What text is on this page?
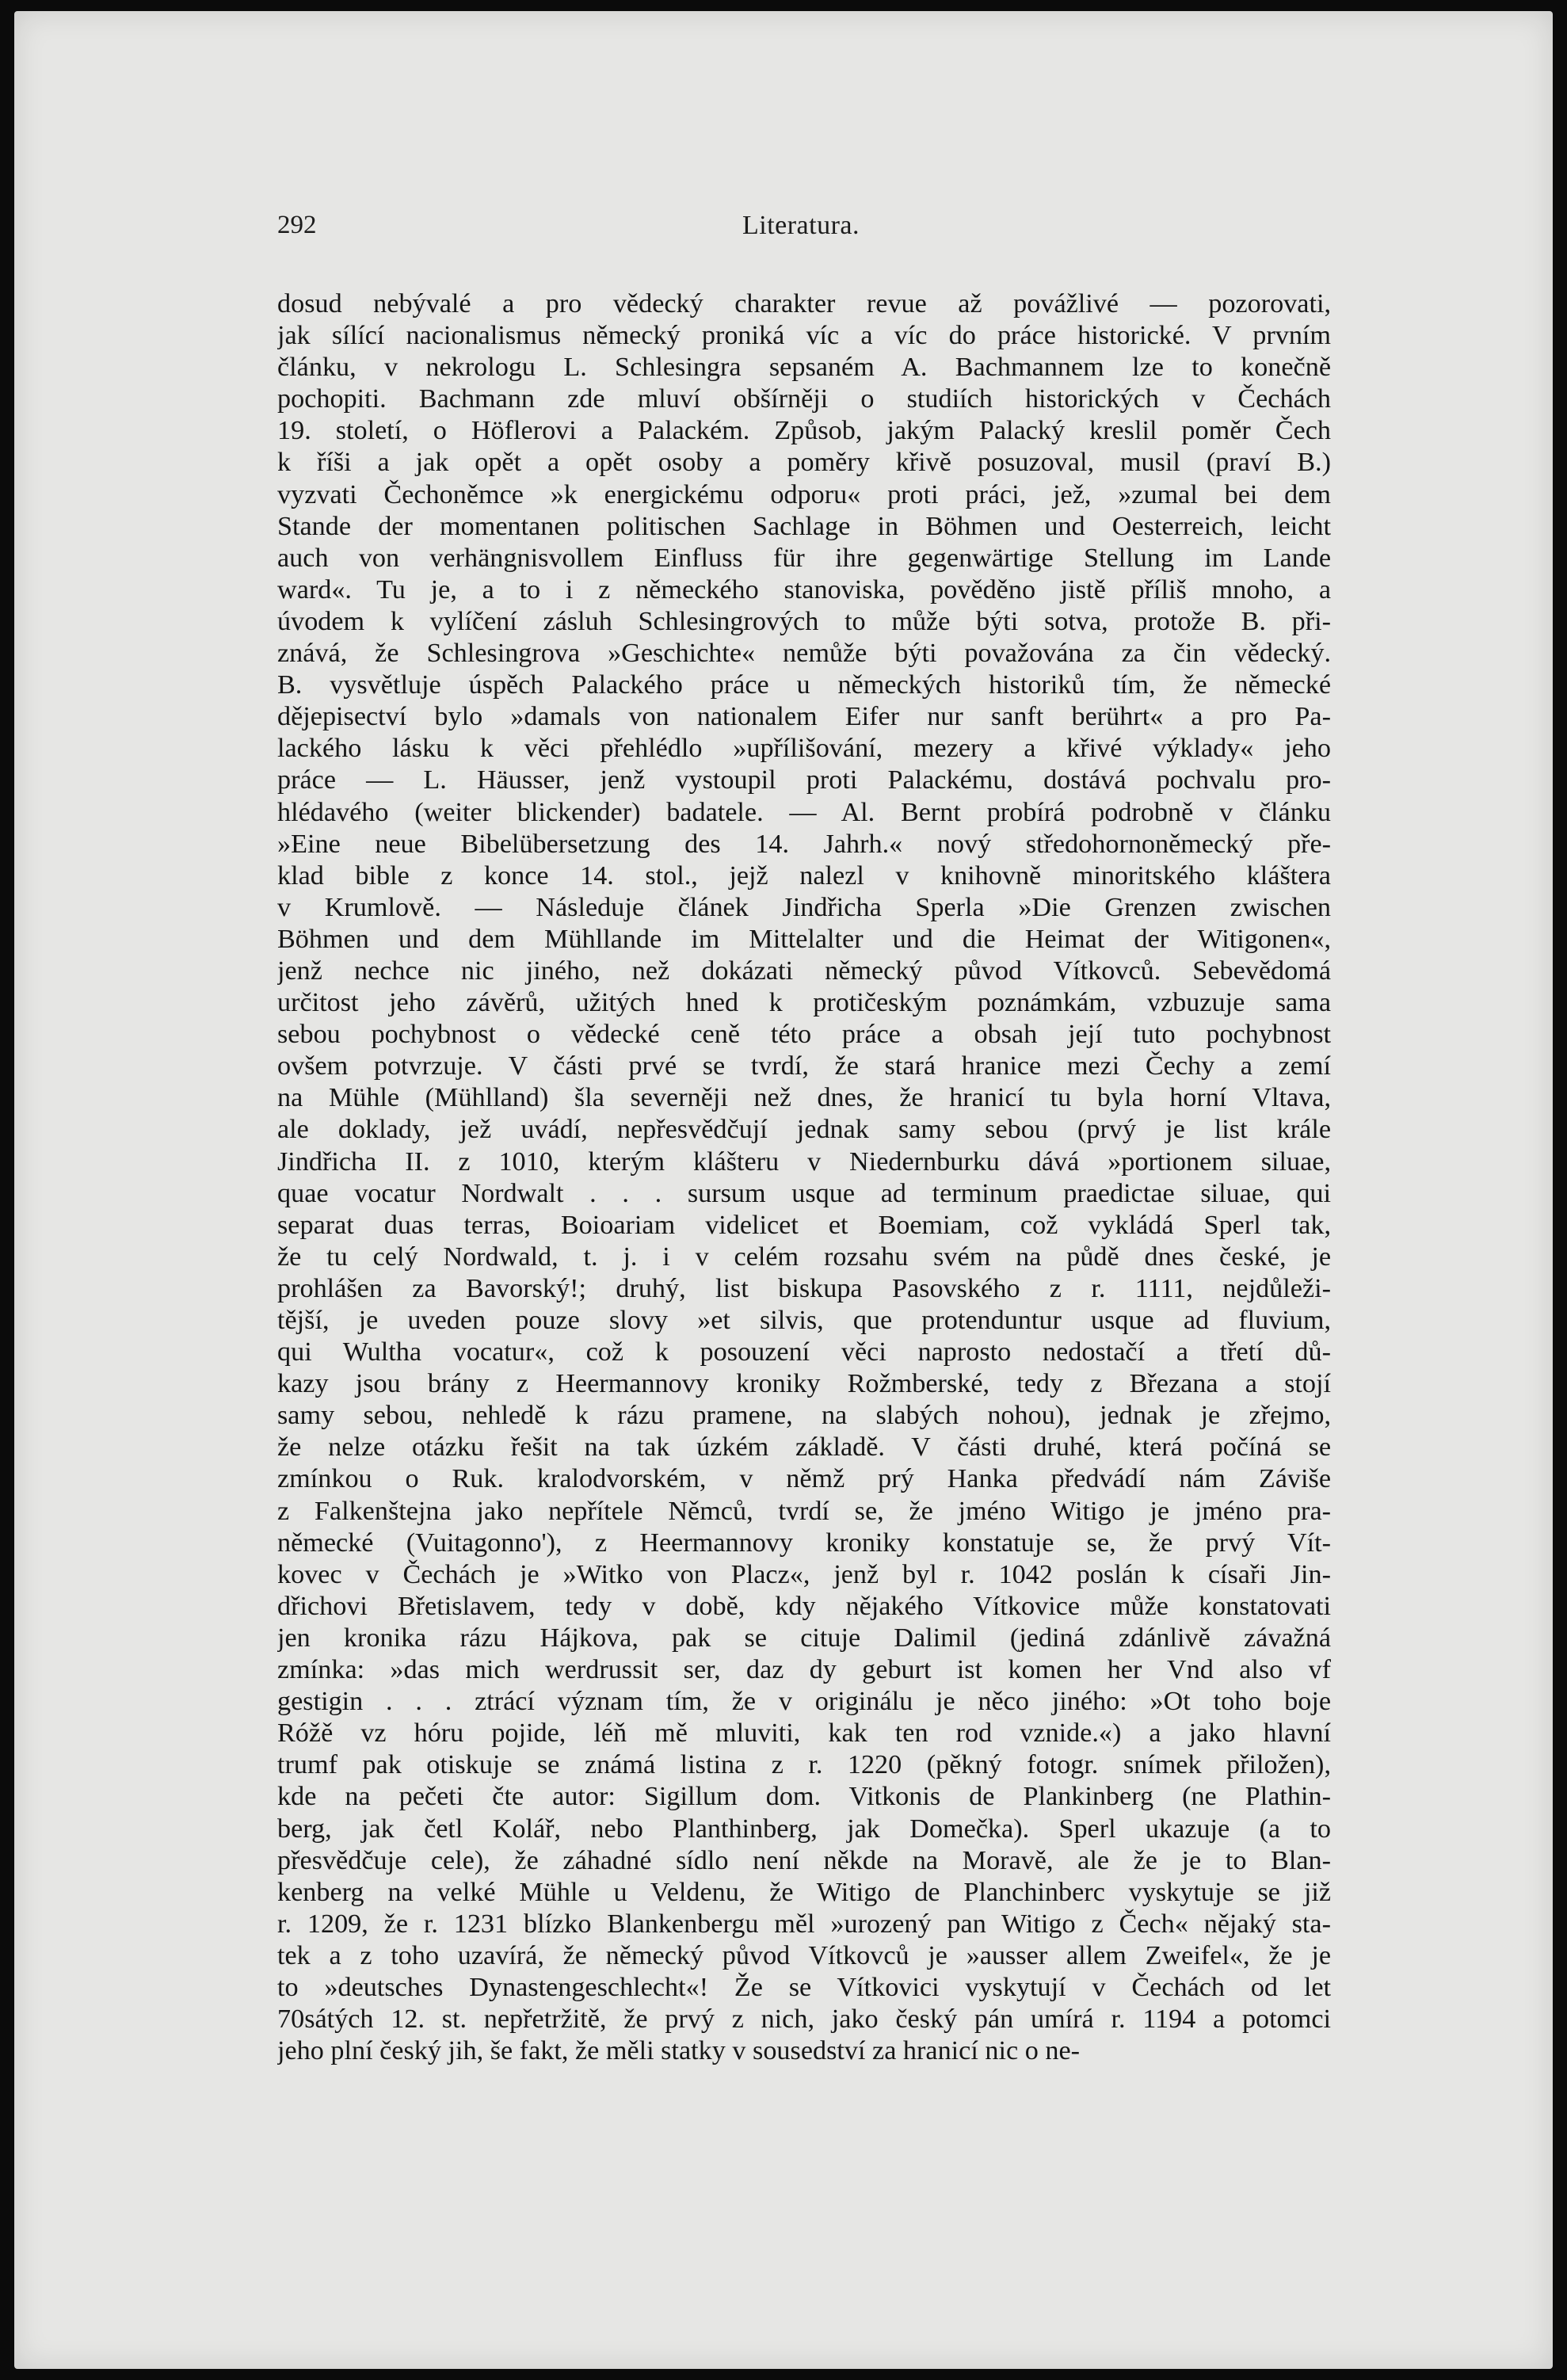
292	Literatura.
dosud nebývalé a pro vědecký charakter revue až povážlivé — pozorovati,
jak sílící nacionalismus německý proniká víc a víc do práce historické. V prvním
článku, v nekrologu L. Schlesingra sepsaném A. Bachmannem lze to konečně
pochopiti. Bachmann zde mluví obšírněji o studiích historických v Čechách
19. století, o Höflerovi a Palackém. Způsob, jakým Palacký kreslil poměr Čech
k říši a jak opět a opět osoby a poměry křivě posuzoval, musil (praví B.)
vyzvati Čechoněmce »k energickému odporu« proti práci, jež, »zumal bei dem
Stande der momentanen politischen Sachlage in Böhmen und Oesterreich, leicht
auch von verhängnisvollem Einfluss für ihre gegenwärtige Stellung im Lande
ward«. Tu je, a to i z německého stanoviska, pověděno jistě příliš mnoho, a
úvodem k vylíčení zásluh Schlesingrových to může býti sotva, protože B. při-
znává, že Schlesingrova »Geschichte« nemůže býti považována za čin vědecký.
B. vysvětluje úspěch Palackého práce u německých historiků tím, že německé
dějepisectví bylo »damals von nationalem Eifer nur sanft berührt« a pro Pa-
lackého lásku k věci přehlédlo »upřílišování, mezery a křivé výklady« jeho
práce — L. Häusser, jenž vystoupil proti Palackému, dostává pochvalu pro-
hlédavého (weiter blickender) badatele. — Al. Bernt probírá podrobně v článku
»Eine neue Bibelübersetzung des 14. Jahrh.« nový středohornoněmecký pře-
klad bible z konce 14. stol., jejž nalezl v knihovně minoritského kláštera
v Krumlově. — Následuje článek Jindřicha Sperla »Die Grenzen zwischen
Böhmen und dem Mühllande im Mittelalter und die Heimat der Witigonen«,
jenž nechce nic jiného, než dokázati německý původ Vítkovců. Sebevědomá
určitost jeho závěrů, užitých hned k protičeským poznámkám, vzbuzuje sama
sebou pochybnost o vědecké ceně této práce a obsah její tuto pochybnost
ovšem potvrzuje. V části prvé se tvrdí, že stará hranice mezi Čechy a zemí
na Mühle (Mühlland) šla severněji než dnes, že hranicí tu byla horní Vltava,
ale doklady, jež uvádí, nepřesvědčují jednak samy sebou (prvý je list krále
Jindřicha II. z 1010, kterým klášteru v Niedernburku dává »portionem siluae,
quae vocatur Nordwalt . . . sursum usque ad terminum praedictae siluae, qui
separat duas terras, Boioariam videlicet et Boemiam, což vykládá Sperl tak,
že tu celý Nordwald, t. j. i v celém rozsahu svém na půdě dnes české, je
prohlášen za Bavorský!; druhý, list biskupa Pasovského z r. 1111, nejdůleži-
tější, je uveden pouze slovy »et silvis, que protenduntur usque ad fluvium,
qui Wultha vocatur«, což k posouzení věci naprosto nedostačí a třetí dů-
kazy jsou brány z Heermannovy kroniky Rožmberské, tedy z Březana a stojí
samy sebou, nehledě k rázu pramene, na slabých nohou), jednak je zřejmo,
že nelze otázku řešit na tak úzkém základě. V části druhé, která počíná se
zmínkou o Ruk. kralodvorském, v němž prý Hanka předvádí nám Záviše
z Falkenštejna jako nepřítele Němců, tvrdí se, že jméno Witigo je jméno pra-
německé (Vuitagonno'), z Heermannovy kroniky konstatuje se, že prvý Vít-
kovec v Čechách je »Witko von Placz«, jenž byl r. 1042 poslán k císaři Jin-
dřichovi Břetislavem, tedy v době, kdy nějakého Vítkovice může konstatovati
jen kronika rázu Hájkova, pak se cituje Dalimil (jediná zdánlivě závažná
zmínka: »das mich werdrussit ser, daz dy geburt ist komen her Vnd also vf
gestigin . . . ztrácí význam tím, že v originálu je něco jiného: »Ot toho boje
Róžě vz hóru pojide, léň mě mluviti, kak ten rod vznide.«) a jako hlavní
trumf pak otiskuje se známá listina z r. 1220 (pěkný fotogr. snímek přiložen),
kde na pečeti čte autor: Sigillum dom. Vitkonis de Plankinberg (ne Plathin-
berg, jak četl Kolář, nebo Planthinberg, jak Domečka). Sperl ukazuje (a to
přesvědčuje cele), že záhadné sídlo není někde na Moravě, ale že je to Blan-
kenberg na velké Mühle u Veldenu, že Witigo de Planchinberc vyskytuje se již
r. 1209, že r. 1231 blízko Blankenbergu měl »urozený pan Witigo z Čech« nějaký sta-
tek a z toho uzavírá, že německý původ Vítkovců je »ausser allem Zweifel«, že je
to »deutsches Dynastengeschlecht«! Že se Vítkovici vyskytují v Čechách od let
70sátých 12. st. nepřetržitě, že prvý z nich, jako český pán umírá r. 1194 a potomci
jeho plní český jih, še fakt, že měli statky v sousedství za hranicí nic o ne-
